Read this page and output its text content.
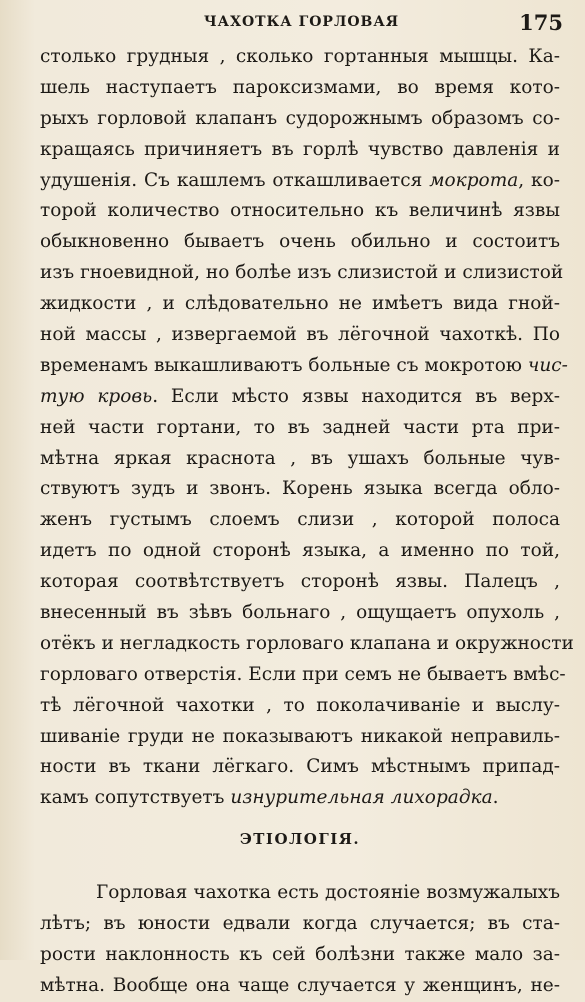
ЧАХОТКА ГОРЛОВАЯ	175
столько грудныя , сколько гортанныя мышцы. Ка-
шель наступаетъ пароксизмами, во время кото-
рыхъ горловой клапанъ судорожнымъ образомъ со-
кращаясь причиняетъ въ горлѣ чувство давленія и
удушенія. Съ кашлемъ откашливается мокрота, ко-
торой количество относительно къ величинѣ язвы
обыкновенно бываетъ очень обильно и состоитъ
изъ гноевидной, но болѣе изъ слизистой и слизистой
жидкости , и слѣдовательно не имѣетъ вида гной-
ной массы , извергаемой въ лёгочной чахоткѣ. По
временамъ выкашливаютъ больные съ мокротою чис-
тую кровь. Если мѣсто язвы находится въ верх-
ней части гортани, то въ задней части рта при-
мѣтна яркая краснота , въ ушахъ больные чув-
ствуютъ зудъ и звонъ. Корень языка всегда обло-
женъ густымъ слоемъ слизи , которой полоса
идетъ по одной сторонѣ языка, а именно по той,
которая соотвѣтствуетъ сторонѣ язвы. Палецъ ,
внесенный въ зѣвъ больнаго , ощущаетъ опухоль ,
отёкъ и негладкость горловаго клапана и окружности
горловаго отверстія. Если при семъ не бываетъ вмѣс-
тѣ лёгочной чахотки , то поколачиваніе и выслу-
шиваніе груди не показываютъ никакой неправиль-
ности въ ткани лёгкаго. Симъ мѣстнымъ припад-
камъ сопутствуетъ изнурительная лихорадка.
ЭТІОЛОГІЯ.
Горловая чахотка есть достояніе возмужалыхъ
лѣтъ; въ юности едвали когда случается; въ ста-
рости наклонность къ сей болѣзни также мало за-
мѣтна. Вообще она чаще случается у женщинъ, не-
